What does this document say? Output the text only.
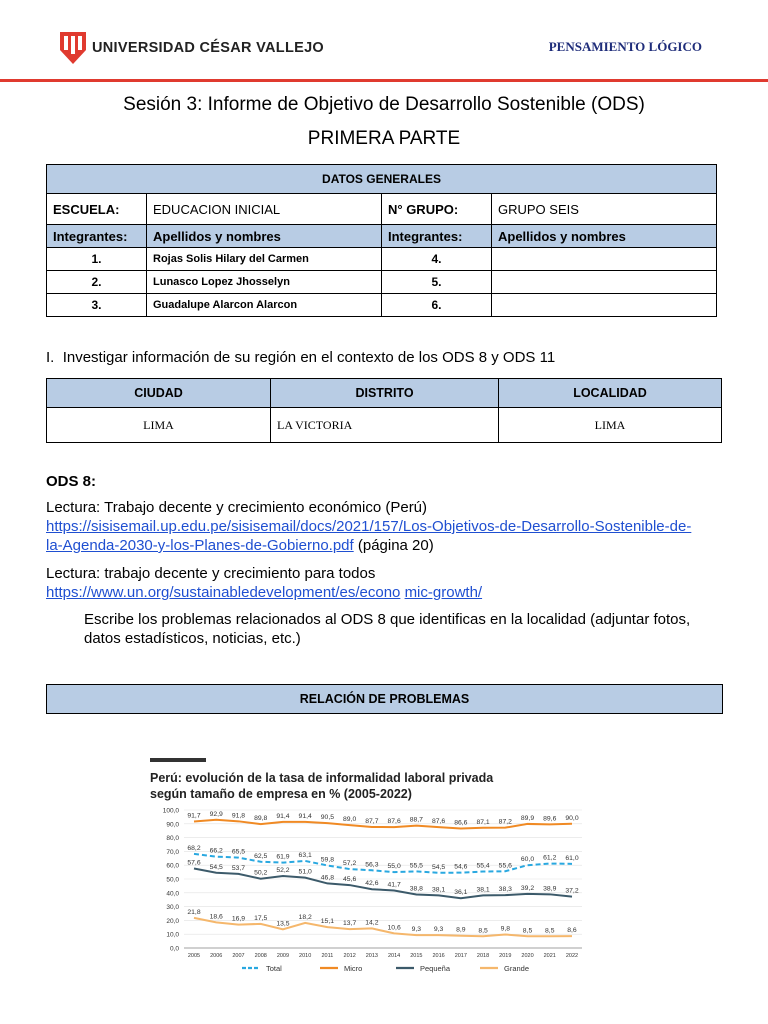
UNIVERSIDAD CÉSAR VALLEJO	PENSAMIENTO LÓGICO
Sesión 3: Informe de Objetivo de Desarrollo Sostenible (ODS)
PRIMERA PARTE
DATOS GENERALES			
ESCUELA:	EDUCACION INICIAL	N° GRUPO:	GRUPO SEIS
Integrantes:	Apellidos y nombres	Integrantes:	Apellidos y nombres
1.	Rojas Solis Hilary del Carmen	4.	
2.	Lunasco Lopez Jhosselyn	5.	
3.	Guadalupe Alarcon Alarcon	6.	
I. Investigar información de su región en el contexto de los ODS 8 y ODS 11
CIUDAD	DISTRITO	LOCALIDAD
LIMA	LA VICTORIA	LIMA
ODS 8:
Lectura: Trabajo decente y crecimiento económico (Perú)
https://sisisemail.up.edu.pe/sisisemail/docs/2021/157/Los-Objetivos-de-Desarrollo-Sostenible-de-
la-Agenda-2030-y-los-Planes-de-Gobierno.pdf (página 20)
Lectura: trabajo decente y crecimiento para todos
https://www.un.org/sustainabledevelopment/es/econo mic-growth/
Escribe los problemas relacionados al ODS 8 que identificas en la localidad (adjuntar fotos,
datos estadísticos, noticias, etc.)
RELACIÓN DE PROBLEMAS
Perú: evolución de la tasa de informalidad laboral privada
según tamaño de empresa en % (2005-2022)
0,0
10,0
20,0
30,0
40,0
50,0
60,0
70,0
80,0
90,0
100,0
2005 2006 2007 2008 2009 2010 2011 2012 2013 2014 2015 2016 2017 2018 2019 2020 2021 2022
68,2 66,2 65,5
62,5 61,9 63,1
59,8
57,2 56,3 55,0 55,5 54,5 54,6 55,4 55,6
60,0 61,2 61,0
91,7 92,9 91,8 89,8 91,4 91,4 90,5 89,0 87,7 87,6 88,7 87,6 86,6 87,1 87,2
89,9 89,6 90,0
57,6
54,5 53,7
50,2 52,2 51,0
46,8 45,6
42,6 41,7
38,8 38,1 36,1 38,1 38,3 39,2 38,9 37,2
21,8
18,6 16,9 17,5
13,5
18,2
15,1 13,7 14,2
10,6 9,3 9,3 8,9 8,5 9,8 8,5 8,5 8,6
Total	Micro	Pequeña	Grande
